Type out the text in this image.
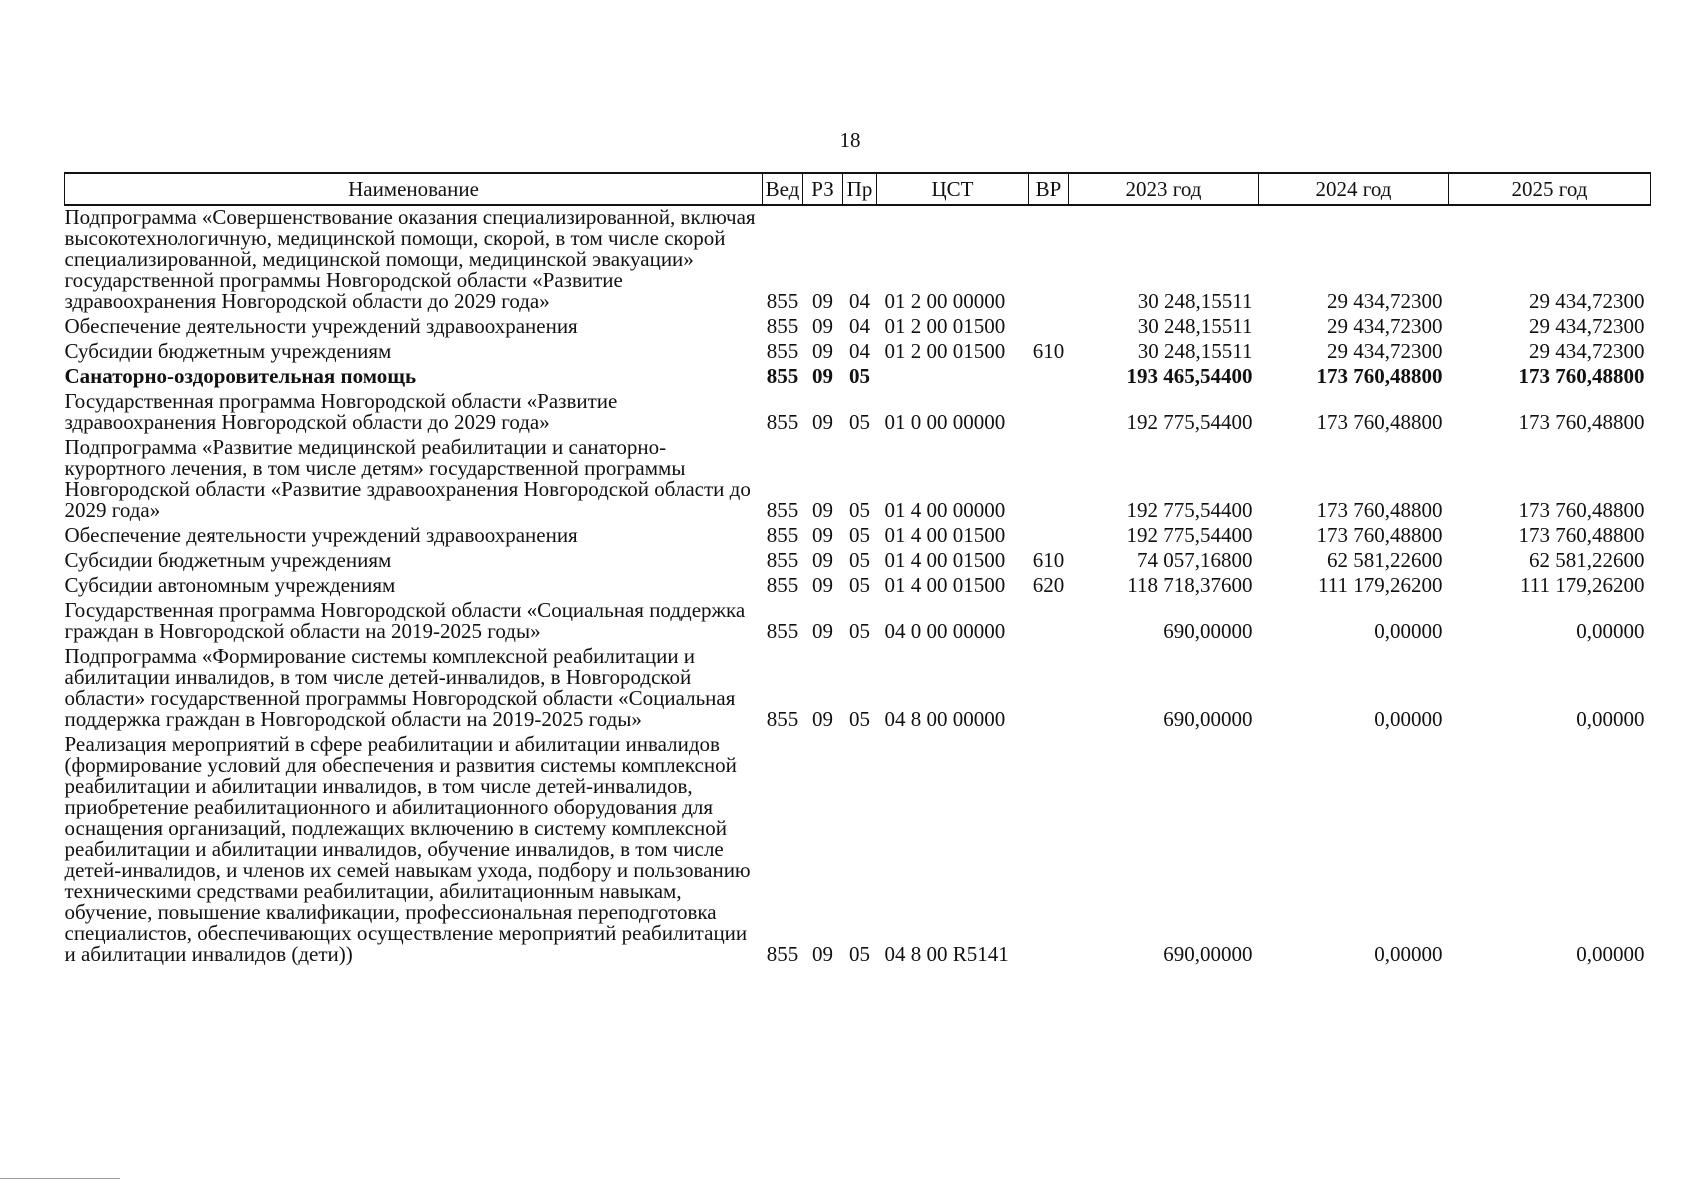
18
Наименование	Вед	РЗ	Пр	ЦСТ	ВР	2023 год	2024 год	2025 год
Подпрограмма «Совершенствование оказания специализированной, включая высокотехнологичную, медицинской помощи, скорой, в том числе скорой специализированной, медицинской помощи, медицинской эвакуации» государственной программы Новгородской области «Развитие здравоохранения Новгородской области до 2029 года»	855	09	04	01 2 00 00000		30 248,15511	29 434,72300	29 434,72300
Обеспечение деятельности учреждений здравоохранения	855	09	04	01 2 00 01500		30 248,15511	29 434,72300	29 434,72300
Субсидии бюджетным учреждениям	855	09	04	01 2 00 01500	610	30 248,15511	29 434,72300	29 434,72300
Санаторно-оздоровительная помощь	855	09	05			193 465,54400	173 760,48800	173 760,48800
Государственная программа Новгородской области «Развитие здравоохранения Новгородской области до 2029 года»	855	09	05	01 0 00 00000		192 775,54400	173 760,48800	173 760,48800
Подпрограмма «Развитие медицинской реабилитации и санаторно-курортного лечения, в том числе детям» государственной программы Новгородской области «Развитие здравоохранения Новгородской области до 2029 года»	855	09	05	01 4 00 00000		192 775,54400	173 760,48800	173 760,48800
Обеспечение деятельности учреждений здравоохранения	855	09	05	01 4 00 01500		192 775,54400	173 760,48800	173 760,48800
Субсидии бюджетным учреждениям	855	09	05	01 4 00 01500	610	74 057,16800	62 581,22600	62 581,22600
Субсидии автономным учреждениям	855	09	05	01 4 00 01500	620	118 718,37600	111 179,26200	111 179,26200
Государственная программа Новгородской области «Социальная поддержка граждан в Новгородской области на 2019-2025 годы»	855	09	05	04 0 00 00000		690,00000	0,00000	0,00000
Подпрограмма «Формирование системы комплексной реабилитации и абилитации инвалидов, в том числе детей-инвалидов, в Новгородской области» государственной программы Новгородской области «Социальная поддержка граждан в Новгородской области на 2019-2025 годы»	855	09	05	04 8 00 00000		690,00000	0,00000	0,00000
Реализация мероприятий в сфере реабилитации и абилитации инвалидов (формирование условий для обеспечения и развития системы комплексной реабилитации и абилитации инвалидов, в том числе детей-инвалидов, приобретение реабилитационного и абилитационного оборудования для оснащения организаций, подлежащих включению в систему комплексной реабилитации и абилитации инвалидов, обучение инвалидов, в том числе детей-инвалидов, и членов их семей навыкам ухода, подбору и пользованию техническими средствами реабилитации, абилитационным навыкам, обучение, повышение квалификации, профессиональная переподготовка специалистов, обеспечивающих осуществление мероприятий реабилитации и абилитации инвалидов (дети))	855	09	05	04 8 00 R5141		690,00000	0,00000	0,00000
